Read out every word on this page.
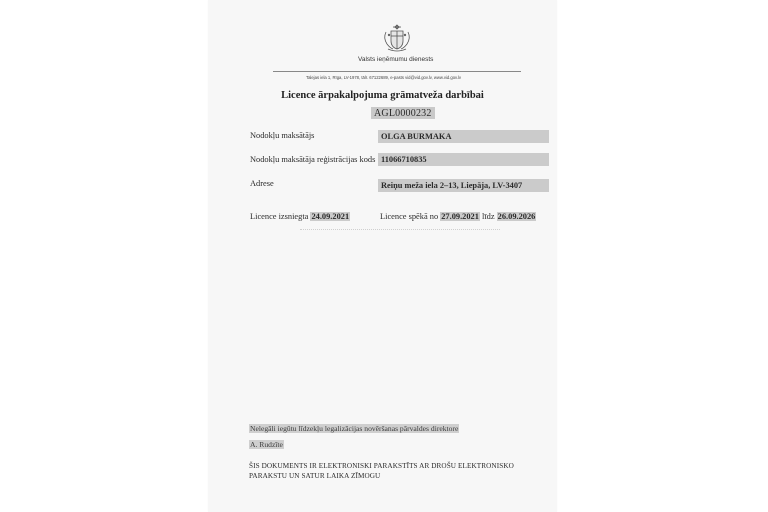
Valsts ieņēmumu dienests
Talejas iela 1, Rīga, LV-1978, tālr. 67122689, e-pasts vid@vid.gov.lv, www.vid.gov.lv
Licence ārpakalpojuma grāmatveža darbībai
AGL0000232
Nodokļu maksātājs	OLGA BURMAKA
Nodokļu maksātāja reģistrācijas kods 11066710835
Adrese	Reiņu meža iela 2–13, Liepāja, LV-3407
Licence izsniegta 24.09.2021	Licence spēkā no 27.09.2021 līdz 26.09.2026
Nelegāli iegūtu līdzekļu legalizācijas novēršanas pārvaldes direktore
A. Rudzīte
ŠIS DOKUMENTS IR ELEKTRONISKI PARAKSTĪTS AR DROŠU ELEKTRONISKO
PARAKSTU UN SATUR LAIKA ZĪMOGU
